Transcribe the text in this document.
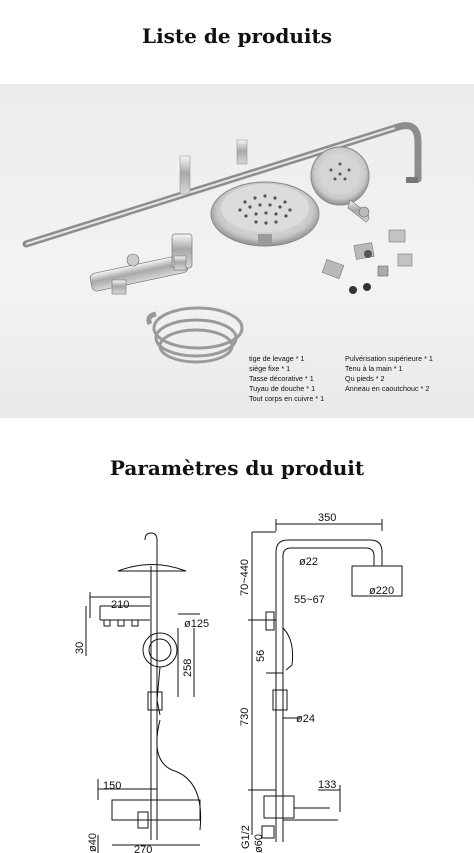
Liste de produits
tige de levage * 1
siège fixe * 1
Tasse décorative * 1
Tuyau de douche * 1
Tout corps en cuivre * 1
Pulvérisation supérieure * 1
Tenu à la main * 1
Qu pieds * 2
Anneau en caoutchouc * 2
Paramètres du produit
210
30
ø125
258
150
ø40	270
350
ø22
70~440	ø220
55~67
56
730	ø24
133
G1/2 ø60
